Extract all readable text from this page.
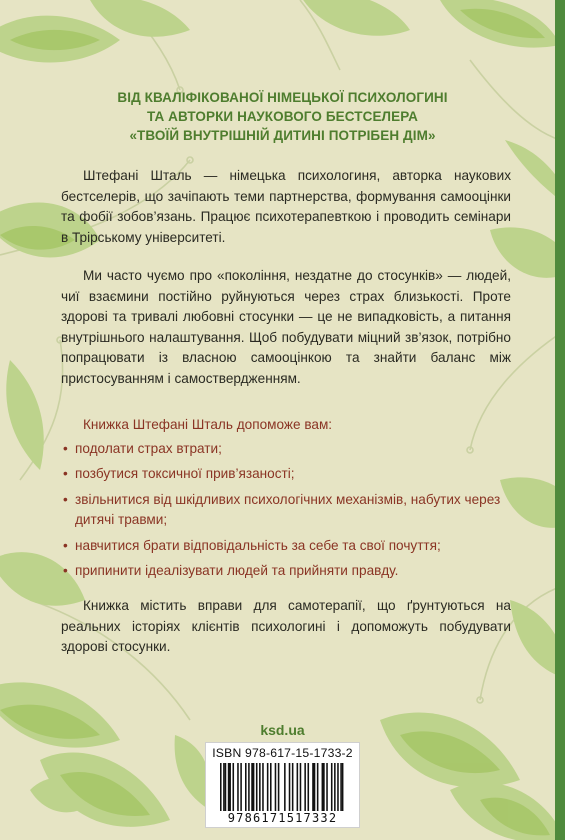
ВІД КВАЛІФІКОВАНОЇ НІМЕЦЬКОЇ ПСИХОЛОГИНІ
ТА АВТОРКИ НАУКОВОГО БЕСТСЕЛЕРА
«ТВОЇЙ ВНУТРІШНІЙ ДИТИНІ ПОТРІБЕН ДІМ»
Штефані Шталь — німецька психологиня, авторка наукових бестселерів, що зачіпають теми партнерства, формування самооцінки та фобії зобов’язань. Працює психотерапевткою і проводить семінари в Трірському університеті.
Ми часто чуємо про «покоління, нездатне до стосунків» — людей, чиї взаємини постійно руйнуються через страх близькості. Проте здорові та тривалі любовні стосунки — це не випадковість, а питання внутрішнього налаштування. Щоб побудувати міцний зв’язок, потрібно попрацювати із власною самооцінкою та знайти баланс між пристосуванням і самоствердженням.
Книжка Штефані Шталь допоможе вам:
• подолати страх втрати;
• позбутися токсичної прив’язаності;
• звільнитися від шкідливих психологічних механізмів, набутих через дитячі травми;
• навчитися брати відповідальність за себе та свої почуття;
• припинити ідеалізувати людей та прийняти правду.
Книжка містить вправи для самотерапії, що ґрунтуються на реальних історіях клієнтів психологині і допоможуть побудувати здорові стосунки.
ksd.ua
ISBN 978-617-15-1733-2
9786171517332
